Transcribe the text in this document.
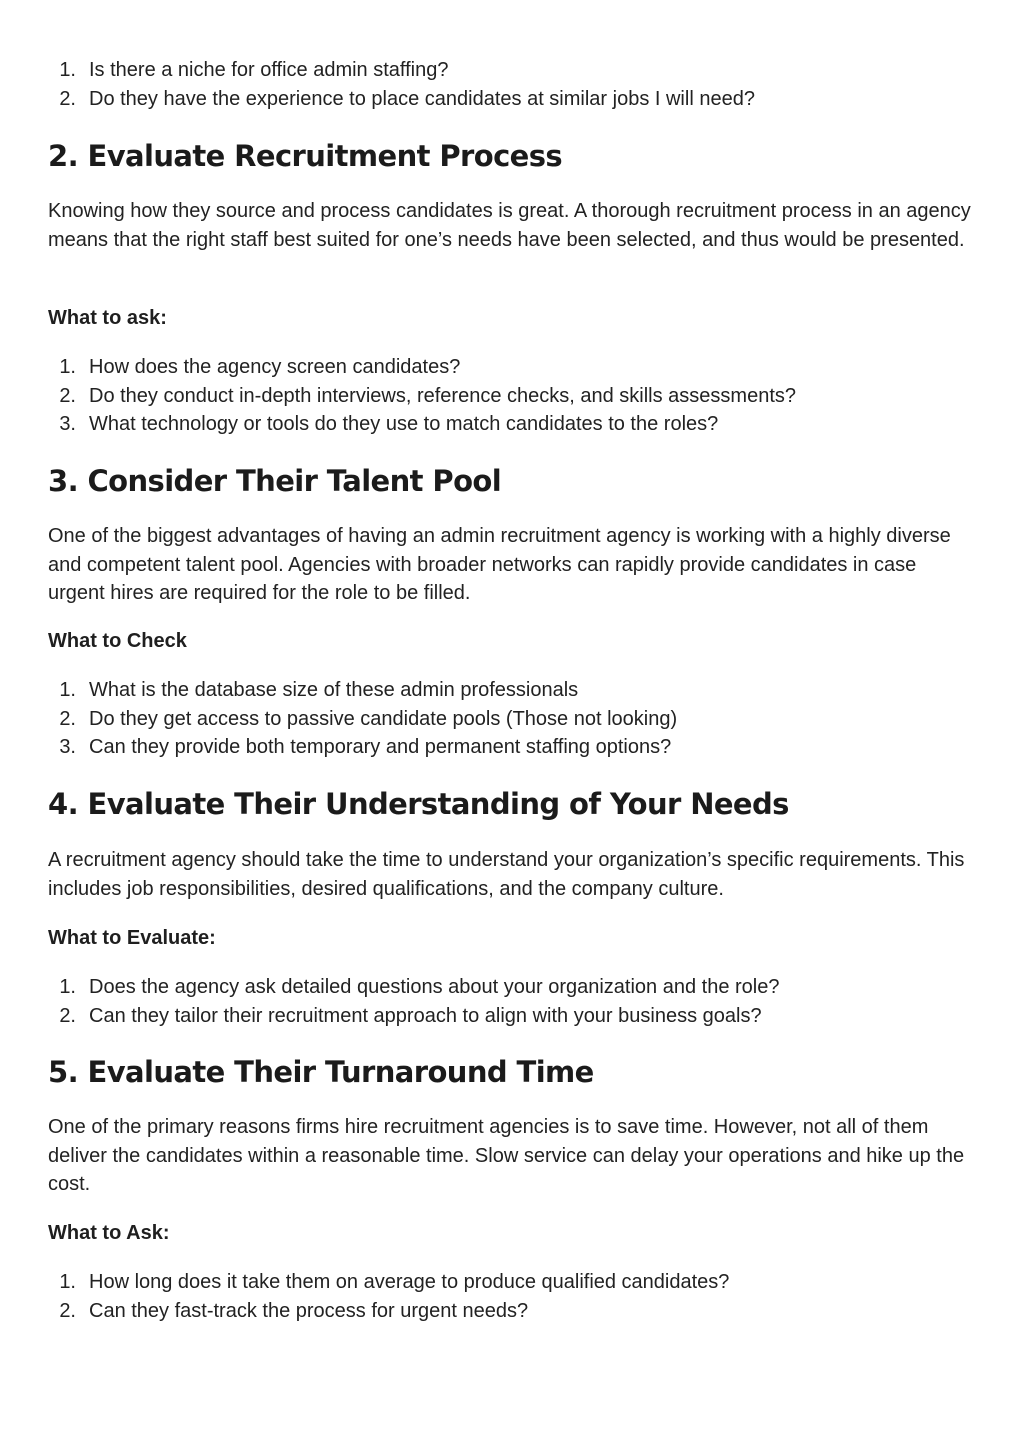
1. Is there a niche for office admin staffing?
2. Do they have the experience to place candidates at similar jobs I will need?
2. Evaluate Recruitment Process

Knowing how they source and process candidates is great. A thorough recruitment process in an agency means that the right staff best suited for one’s needs have been selected, and thus would be presented.

What to ask:

1. How does the agency screen candidates?
2. Do they conduct in-depth interviews, reference checks, and skills assessments?
3. What technology or tools do they use to match candidates to the roles?
3. Consider Their Talent Pool

One of the biggest advantages of having an admin recruitment agency is working with a highly diverse and competent talent pool. Agencies with broader networks can rapidly provide candidates in case urgent hires are required for the role to be filled.

What to Check

1. What is the database size of these admin professionals
2. Do they get access to passive candidate pools (Those not looking)
3. Can they provide both temporary and permanent staffing options?
4. Evaluate Their Understanding of Your Needs

A recruitment agency should take the time to understand your organization’s specific requirements. This includes job responsibilities, desired qualifications, and the company culture.

What to Evaluate:

1. Does the agency ask detailed questions about your organization and the role?
2. Can they tailor their recruitment approach to align with your business goals?
5. Evaluate Their Turnaround Time

One of the primary reasons firms hire recruitment agencies is to save time. However, not all of them deliver the candidates within a reasonable time. Slow service can delay your operations and hike up the cost.

What to Ask:

1. How long does it take them on average to produce qualified candidates?
2. Can they fast-track the process for urgent needs?
